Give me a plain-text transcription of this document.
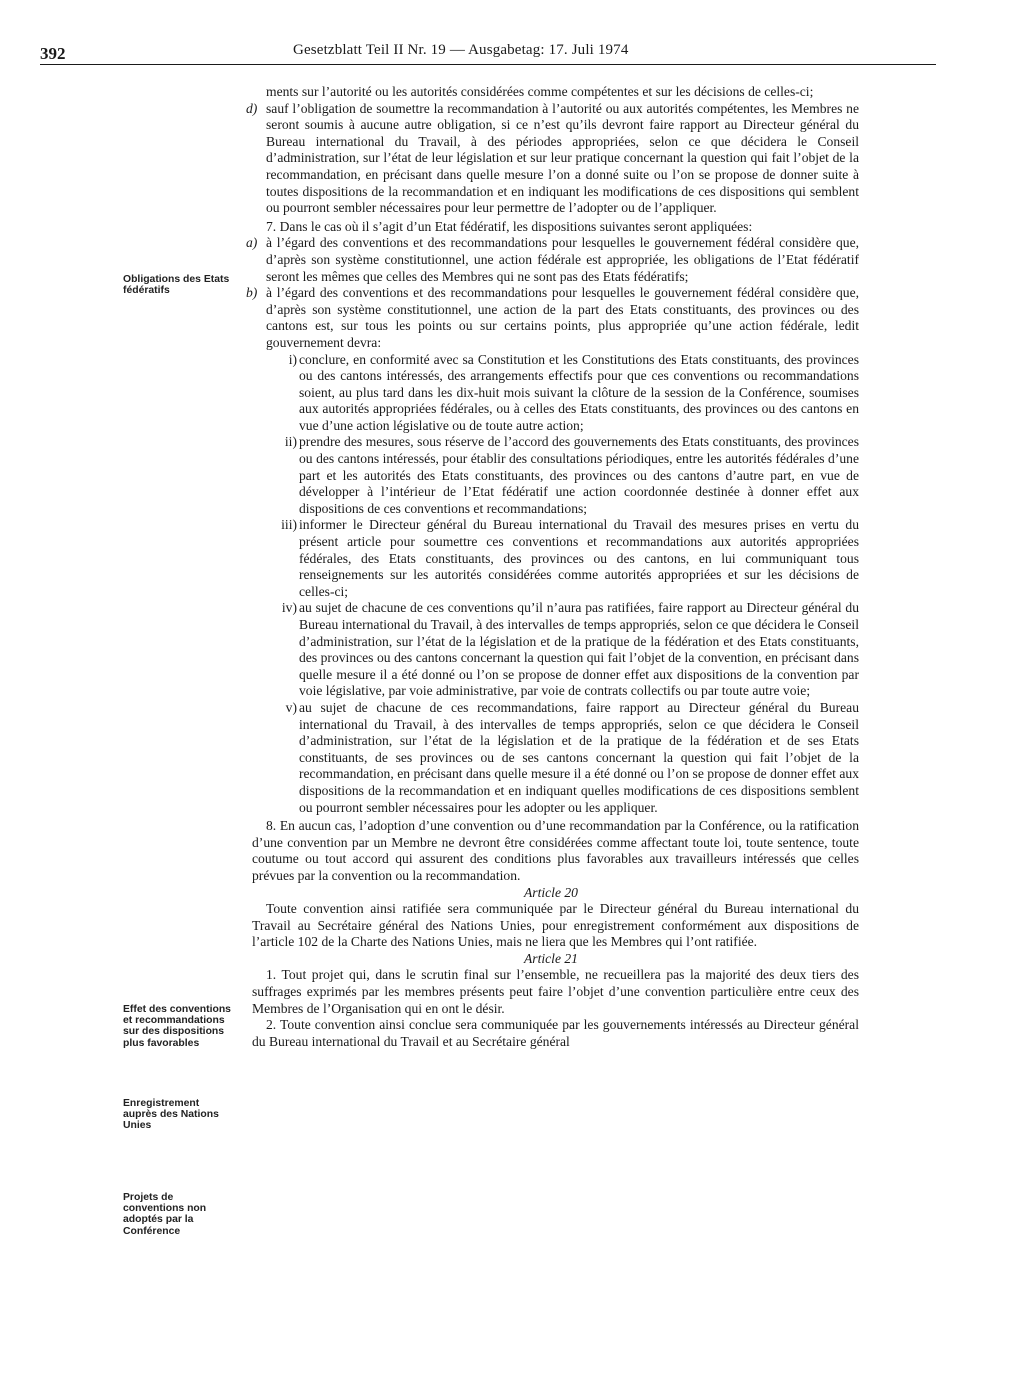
392	Gesetzblatt Teil II Nr. 19 — Ausgabetag: 17. Juli 1974
Obligations des Etats fédératifs
Effet des conventions et recommandations sur des dispositions plus favorables
Enregistrement auprès des Nations Unies
Projets de conventions non adoptés par la Conférence

ments sur l’autorité ou les autorités considérées comme compétentes et sur les décisions de celles-ci;

d) sauf l’obligation de soumettre la recommandation à l’autorité ou aux autorités compétentes, les Membres ne seront soumis à aucune autre obligation, si ce n’est qu’ils devront faire rapport au Directeur général du Bureau international du Travail, à des périodes appropriées, selon ce que décidera le Conseil d’administration, sur l’état de leur législation et sur leur pratique concernant la question qui fait l’objet de la recommandation, en précisant dans quelle mesure l’on a donné suite ou l’on se propose de donner suite à toutes dispositions de la recommandation et en indiquant les modifications de ces dispositions qui semblent ou pourront sembler nécessaires pour leur permettre de l’adopter ou de l’appliquer.

7. Dans le cas où il s’agit d’un Etat fédératif, les dispositions suivantes seront appliquées:

a) à l’égard des conventions et des recommandations pour lesquelles le gouvernement fédéral considère que, d’après son système constitutionnel, une action fédérale est appropriée, les obligations de l’Etat fédératif seront les mêmes que celles des Membres qui ne sont pas des Etats fédératifs;
b) à l’égard des conventions et des recommandations pour lesquelles le gouvernement fédéral considère que, d’après son système constitutionnel, une action de la part des Etats constituants, des provinces ou des cantons est, sur tous les points ou sur certains points, plus appropriée qu’une action fédérale, ledit gouvernement devra:
i) conclure, en conformité avec sa Constitution et les Constitutions des Etats constituants, des provinces ou des cantons intéressés, des arrangements effectifs pour que ces conventions ou recommandations soient, au plus tard dans les dix-huit mois suivant la clôture de la session de la Conférence, soumises aux autorités appropriées fédérales, ou à celles des Etats constituants, des provinces ou des cantons en vue d’une action législative ou de toute autre action;
ii) prendre des mesures, sous réserve de l’accord des gouvernements des Etats constituants, des provinces ou des cantons intéressés, pour établir des consultations périodiques, entre les autorités fédérales d’une part et les autorités des Etats constituants, des provinces ou des cantons d’autre part, en vue de développer à l’intérieur de l’Etat fédératif une action coordonnée destinée à donner effet aux dispositions de ces conventions et recommandations;
iii) informer le Directeur général du Bureau international du Travail des mesures prises en vertu du présent article pour soumettre ces conventions et recommandations aux autorités appropriées fédérales, des Etats constituants, des provinces ou des cantons, en lui communiquant tous renseignements sur les autorités considérées comme autorités appropriées et sur les décisions de celles-ci;
iv) au sujet de chacune de ces conventions qu’il n’aura pas ratifiées, faire rapport au Directeur général du Bureau international du Travail, à des intervalles de temps appropriés, selon ce que décidera le Conseil d’administration, sur l’état de la législation et de la pratique de la fédération et des Etats constituants, des provinces ou des cantons concernant la question qui fait l’objet de la convention, en précisant dans quelle mesure il a été donné ou l’on se propose de donner effet aux dispositions de la convention par voie législative, par voie administrative, par voie de contrats collectifs ou par toute autre voie;
v) au sujet de chacune de ces recommandations, faire rapport au Directeur général du Bureau international du Travail, à des intervalles de temps appropriés, selon ce que décidera le Conseil d’administration, sur l’état de la législation et de la pratique de la fédération et de ses Etats constituants, de ses provinces ou de ses cantons concernant la question qui fait l’objet de la recommandation, en précisant dans quelle mesure il a été donné ou l’on se propose de donner effet aux dispositions de la recommandation et en indiquant quelles modifications de ces dispositions semblent ou pourront sembler nécessaires pour les adopter ou les appliquer.

8. En aucun cas, l’adoption d’une convention ou d’une recommandation par la Conférence, ou la ratification d’une convention par un Membre ne devront être considérées comme affectant toute loi, toute sentence, toute coutume ou tout accord qui assurent des conditions plus favorables aux travailleurs intéressés que celles prévues par la convention ou la recommandation.

Article 20

Toute convention ainsi ratifiée sera communiquée par le Directeur général du Bureau international du Travail au Secrétaire général des Nations Unies, pour enregistrement conformément aux dispositions de l’article 102 de la Charte des Nations Unies, mais ne liera que les Membres qui l’ont ratifiée.

Article 21

1. Tout projet qui, dans le scrutin final sur l’ensemble, ne recueillera pas la majorité des deux tiers des suffrages exprimés par les membres présents peut faire l’objet d’une convention particulière entre ceux des Membres de l’Organisation qui en ont le désir.

2. Toute convention ainsi conclue sera communiquée par les gouvernements intéressés au Directeur général du Bureau international du Travail et au Secrétaire général
